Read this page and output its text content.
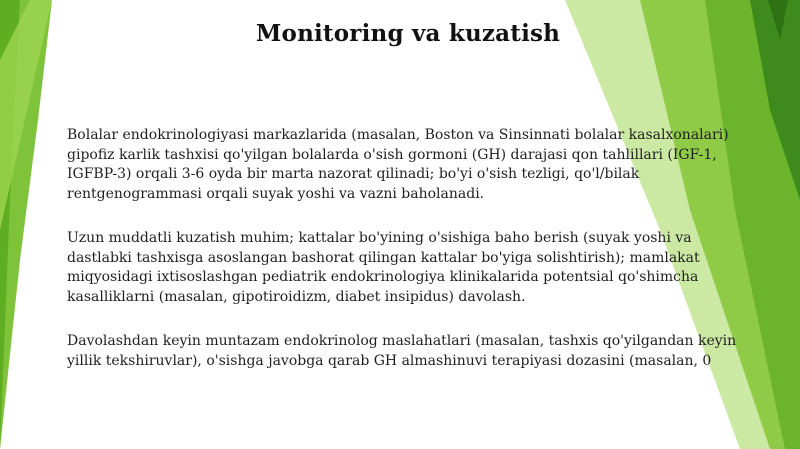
Monitoring va kuzatish

Bolalar endokrinologiyasi markazlarida (masalan, Boston va Sinsinnati bolalar kasalxonalari) gipofiz karlik tashxisi qo'yilgan bolalarda o'sish gormoni (GH) darajasi qon tahlillari (IGF-1, IGFBP-3) orqali 3-6 oyda bir marta nazorat qilinadi; bo'yi o'sish tezligi, qo'l/bilak rentgenogrammasi orqali suyak yoshi va vazni baholanadi.

Uzun muddatli kuzatish muhim; kattalar bo'yining o'sishiga baho berish (suyak yoshi va dastlabki tashxisga asoslangan bashorat qilingan kattalar bo'yiga solishtirish); mamlakat miqyosidagi ixtisoslashgan pediatrik endokrinologiya klinikalarida potentsial qo'shimcha kasalliklarni (masalan, gipotiroidizm, diabet insipidus) davolash.

Davolashdan keyin muntazam endokrinolog maslahatlari (masalan, tashxis qo'yilgandan keyin yillik tekshiruvlar), o'sishga javobga qarab GH almashinuvi terapiyasi dozasini (masalan, 0
